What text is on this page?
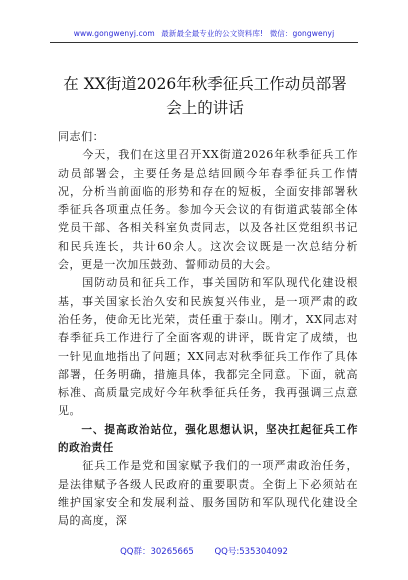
www.gongwenyj.com 最新最全最专业的公文资料库! 微信：gongwenyj
在 XX街道2026年秋季征兵工作动员部署
会上的讲话

同志们：

今天，我们在这里召开XX街道2026年秋季征兵工作动员部署会，主要任务是总结回顾今年春季征兵工作情况，分析当前面临的形势和存在的短板，全面安排部署秋季征兵各项重点任务。参加今天会议的有街道武装部全体党员干部、各相关科室负责同志，以及各社区党组织书记和民兵连长，共计60余人。这次会议既是一次总结分析会，更是一次加压鼓劲、誓师动员的大会。

国防动员和征兵工作，事关国防和军队现代化建设根基，事关国家长治久安和民族复兴伟业，是一项严肃的政治任务，使命无比光荣，责任重于泰山。刚才，XX同志对春季征兵工作进行了全面客观的讲评，既肯定了成绩，也一针见血地指出了问题；XX同志对秋季征兵工作作了具体部署，任务明确，措施具体，我都完全同意。下面，就高标准、高质量完成好今年秋季征兵任务，我再强调三点意见。

一、提高政治站位，强化思想认识，坚决扛起征兵工作的政治责任

征兵工作是党和国家赋予我们的一项严肃政治任务，是法律赋予各级人民政府的重要职责。全街上下必须站在维护国家安全和发展利益、服务国防和军队现代化建设全局的高度，深

QQ群：30265665 QQ号:535304092
